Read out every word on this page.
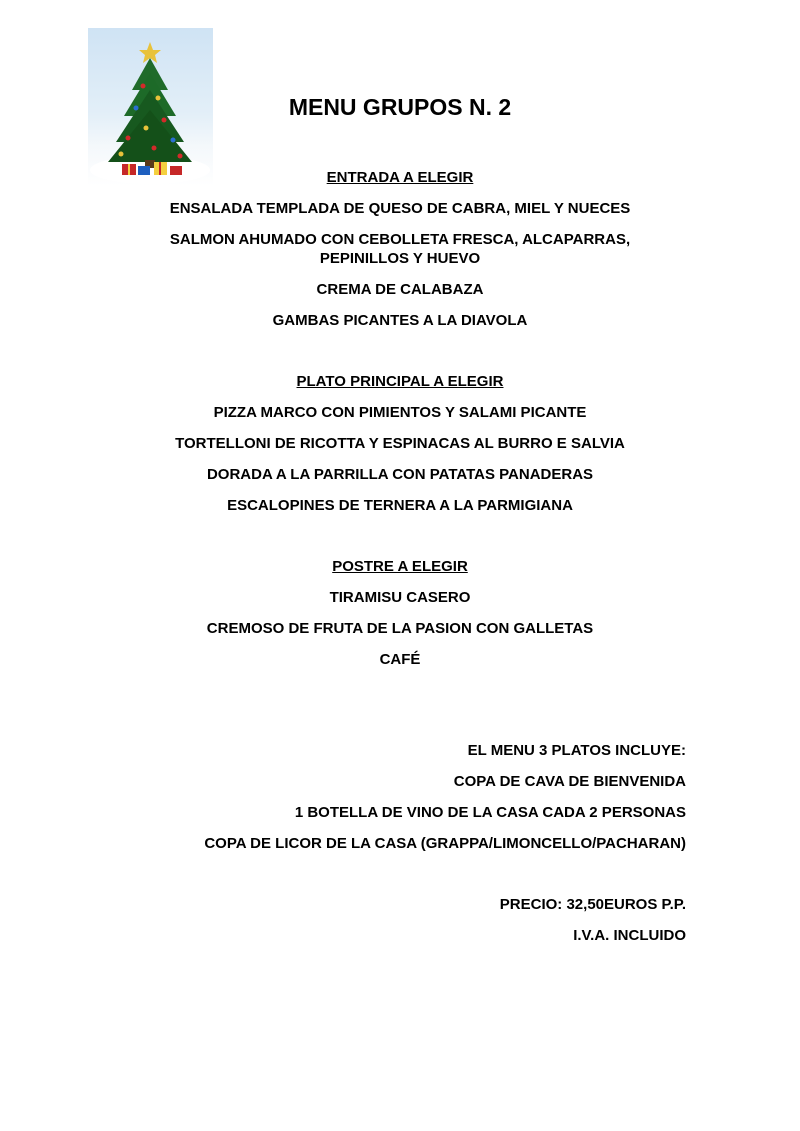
MENU GRUPOS N. 2

ENTRADA A ELEGIR

ENSALADA TEMPLADA DE QUESO DE CABRA, MIEL Y NUECES

SALMON AHUMADO CON CEBOLLETA FRESCA, ALCAPARRAS,

PEPINILLOS Y HUEVO

CREMA DE CALABAZA

GAMBAS PICANTES A LA DIAVOLA

PLATO PRINCIPAL A ELEGIR

PIZZA MARCO CON PIMIENTOS Y SALAMI PICANTE

TORTELLONI DE RICOTTA Y ESPINACAS AL BURRO E SALVIA

DORADA A LA PARRILLA CON PATATAS PANADERAS

ESCALOPINES DE TERNERA A LA PARMIGIANA

POSTRE A ELEGIR

TIRAMISU CASERO

CREMOSO DE FRUTA DE LA PASION CON GALLETAS

CAFÉ

EL MENU 3 PLATOS INCLUYE:

COPA DE CAVA DE BIENVENIDA

1 BOTELLA DE VINO DE LA CASA CADA 2 PERSONAS

COPA DE LICOR DE LA CASA (GRAPPA/LIMONCELLO/PACHARAN)

PRECIO: 32,50EUROS P.P.

I.V.A. INCLUIDO
